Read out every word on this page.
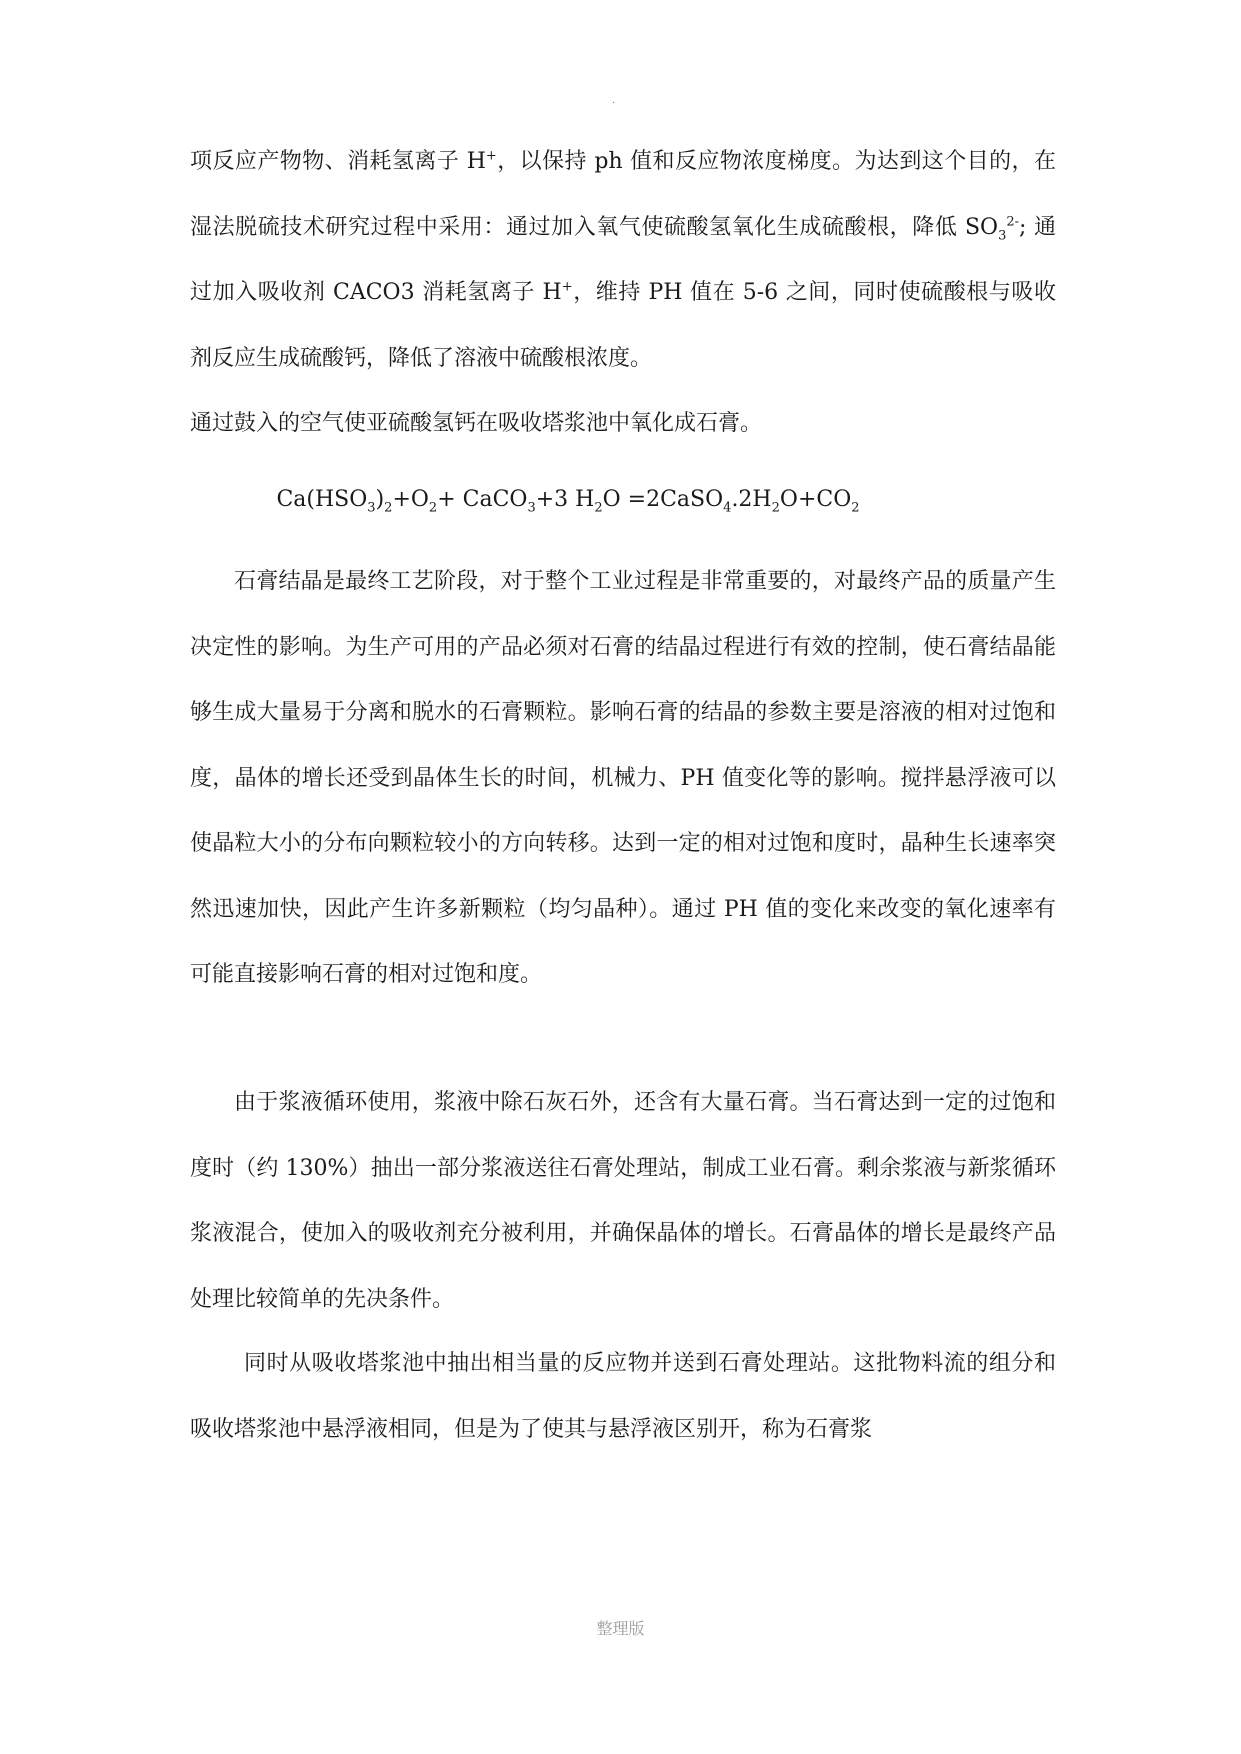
.

项反应产物物、消耗氢离子 H+，以保持 ph 值和反应物浓度梯度。为达到这个目的，在湿法脱硫技术研究过程中采用：通过加入氧气使硫酸氢氧化生成硫酸根，降低 $SO_3^{2-}$; 通过加入吸收剂 CACO3 消耗氢离子 H+，维持 PH 值在 5-6 之间，同时使硫酸根与吸收剂反应生成硫酸钙，降低了溶液中硫酸根浓度。

通过鼓入的空气使亚硫酸氢钙在吸收塔浆池中氧化成石膏。

$Ca(HSO_3)_2+O_2+$ CaCO$_3$+3 $H_2O$ $=2CaSO_4.2H_2O+CO_2$

石膏结晶是最终工艺阶段，对于整个工业过程是非常重要的，对最终产品的质量产生决定性的影响。为生产可用的产品必须对石膏的结晶过程进行有效的控制，使石膏结晶能够生成大量易于分离和脱水的石膏颗粒。影响石膏的结晶的参数主要是溶液的相对过饱和度，晶体的增长还受到晶体生长的时间，机械力、PH 值变化等的影响。搅拌悬浮液可以使晶粒大小的分布向颗粒较小的方向转移。达到一定的相对过饱和度时，晶种生长速率突然迅速加快，因此产生许多新颗粒（均匀晶种）。通过 PH 值的变化来改变的氧化速率有可能直接影响石膏的相对过饱和度。

由于浆液循环使用，浆液中除石灰石外，还含有大量石膏。当石膏达到一定的过饱和度时（约 130%）抽出一部分浆液送往石膏处理站，制成工业石膏。剩余浆液与新浆循环浆液混合，使加入的吸收剂充分被利用，并确保晶体的增长。石膏晶体的增长是最终产品处理比较简单的先决条件。

同时从吸收塔浆池中抽出相当量的反应物并送到石膏处理站。这批物料流的组分和吸收塔浆池中悬浮液相同，但是为了使其与悬浮液区别开，称为石膏浆

整理版
